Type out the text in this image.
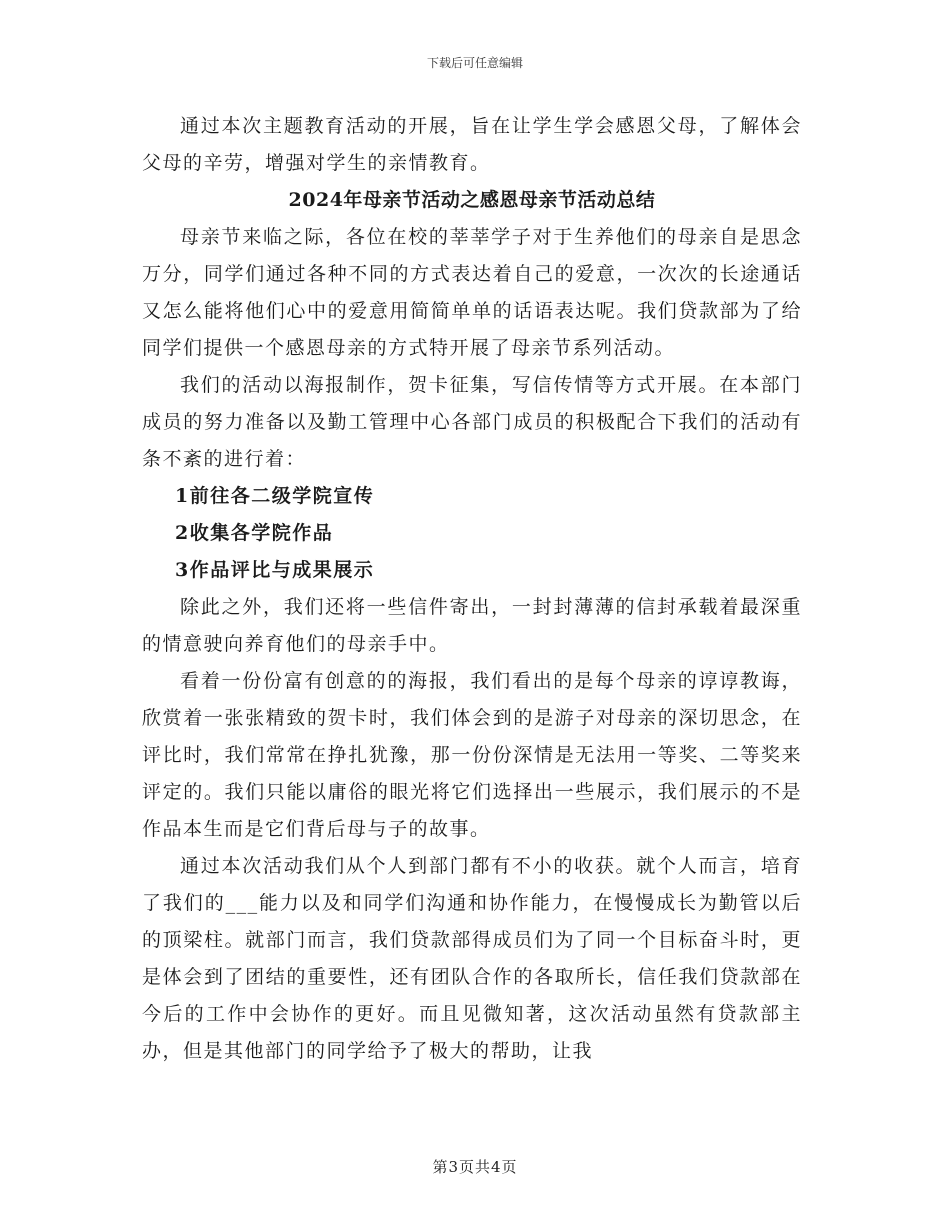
下载后可任意编辑

通过本次主题教育活动的开展，旨在让学生学会感恩父母，了解体会父母的辛劳，增强对学生的亲情教育。

2024年母亲节活动之感恩母亲节活动总结

母亲节来临之际，各位在校的莘莘学子对于生养他们的母亲自是思念万分，同学们通过各种不同的方式表达着自己的爱意，一次次的长途通话又怎么能将他们心中的爱意用简简单单的话语表达呢。我们贷款部为了给同学们提供一个感恩母亲的方式特开展了母亲节系列活动。

我们的活动以海报制作，贺卡征集，写信传情等方式开展。在本部门成员的努力准备以及勤工管理中心各部门成员的积极配合下我们的活动有条不紊的进行着：

1前往各二级学院宣传

2收集各学院作品

3作品评比与成果展示

除此之外，我们还将一些信件寄出，一封封薄薄的信封承载着最深重的情意驶向养育他们的母亲手中。

看着一份份富有创意的的海报，我们看出的是每个母亲的谆谆教诲，欣赏着一张张精致的贺卡时，我们体会到的是游子对母亲的深切思念，在评比时，我们常常在挣扎犹豫，那一份份深情是无法用一等奖、二等奖来评定的。我们只能以庸俗的眼光将它们选择出一些展示，我们展示的不是作品本生而是它们背后母与子的故事。

通过本次活动我们从个人到部门都有不小的收获。就个人而言，培育了我们的___能力以及和同学们沟通和协作能力，在慢慢成长为勤管以后的顶梁柱。就部门而言，我们贷款部得成员们为了同一个目标奋斗时，更是体会到了团结的重要性，还有团队合作的各取所长，信任我们贷款部在今后的工作中会协作的更好。而且见微知著，这次活动虽然有贷款部主办，但是其他部门的同学给予了极大的帮助，让我

第3页共4页
